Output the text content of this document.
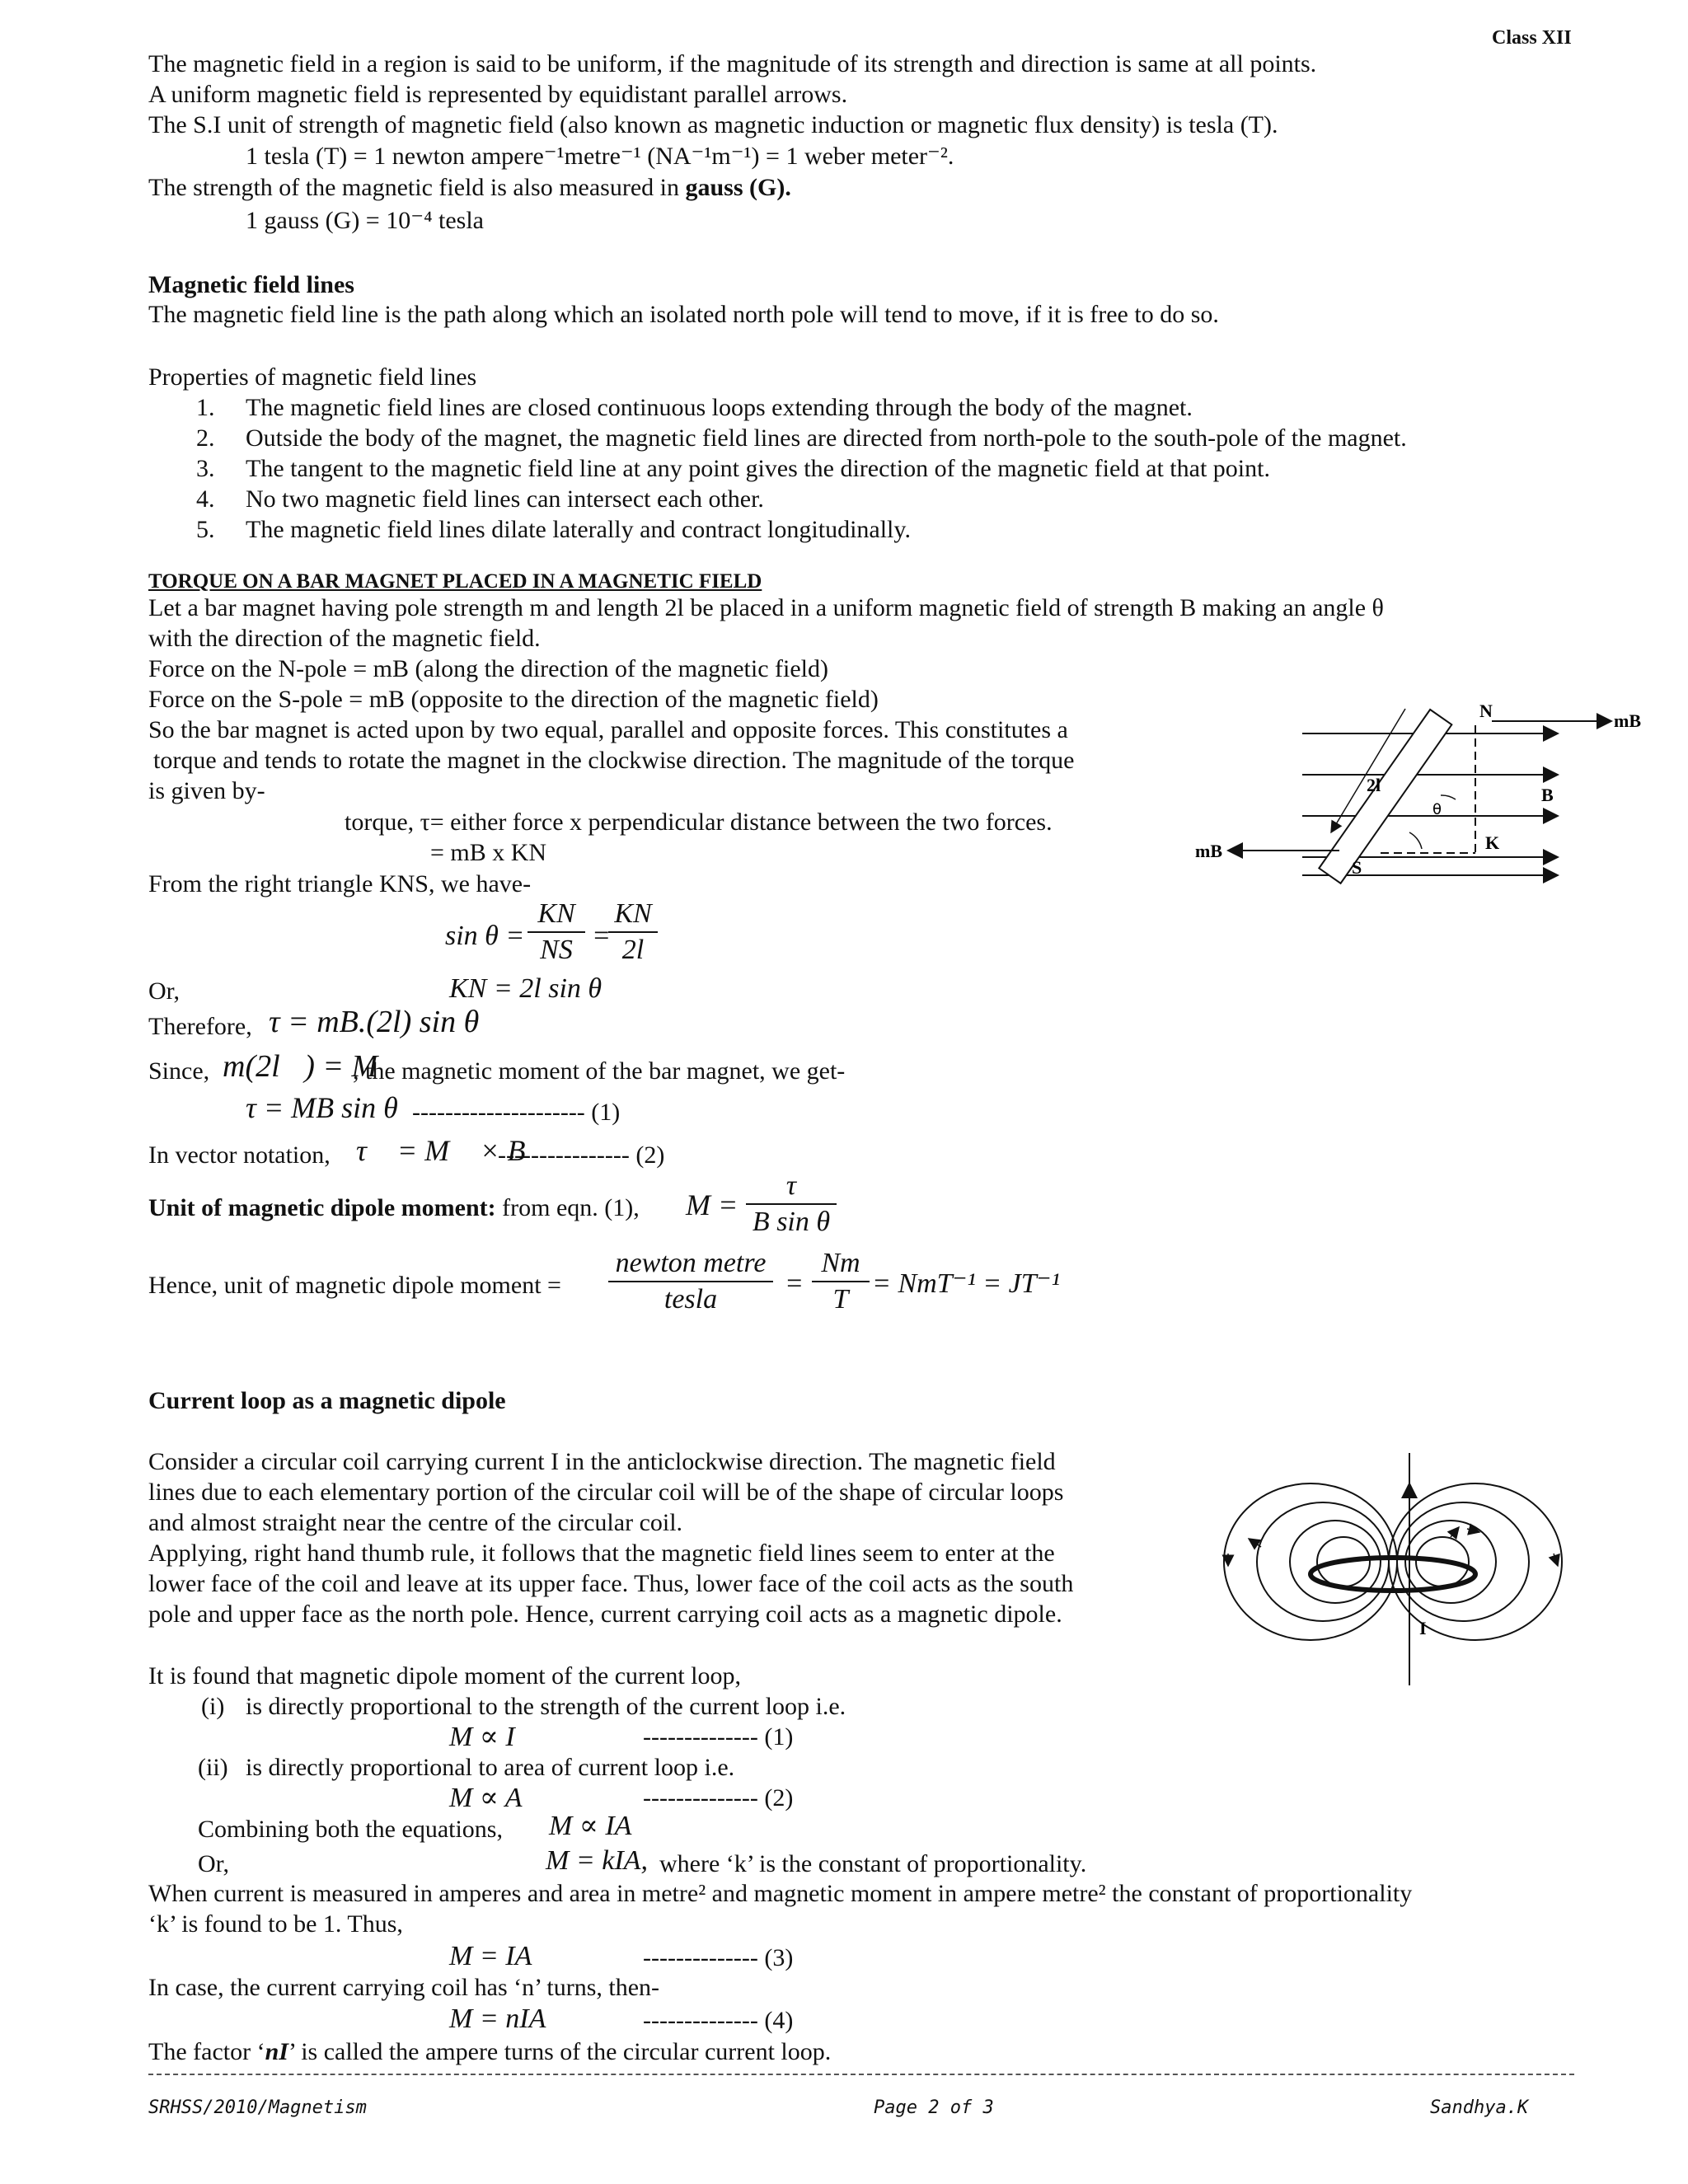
Class XII
The magnetic field in a region is said to be uniform, if the magnitude of its strength and direction is same at all points.
A uniform magnetic field is represented by equidistant parallel arrows.
The S.I unit of strength of magnetic field (also known as magnetic induction or magnetic flux density) is tesla (T).
1 tesla (T) = 1 newton ampere⁻¹metre⁻¹ (NA⁻¹m⁻¹) = 1 weber meter⁻².
The strength of the magnetic field is also measured in gauss (G).
1 gauss (G) = 10⁻⁴ tesla
Magnetic field lines
The magnetic field line is the path along which an isolated north pole will tend to move, if it is free to do so.
Properties of magnetic field lines
1. The magnetic field lines are closed continuous loops extending through the body of the magnet.
2. Outside the body of the magnet, the magnetic field lines are directed from north-pole to the south-pole of the magnet.
3. The tangent to the magnetic field line at any point gives the direction of the magnetic field at that point.
4. No two magnetic field lines can intersect each other.
5. The magnetic field lines dilate laterally and contract longitudinally.
TORQUE ON A BAR MAGNET PLACED IN A MAGNETIC FIELD
Let a bar magnet having pole strength m and length 2l be placed in a uniform magnetic field of strength B making an angle θ
with the direction of the magnetic field.
Force on the N-pole = mB (along the direction of the magnetic field)
Force on the S-pole = mB (opposite to the direction of the magnetic field)
So the bar magnet is acted upon by two equal, parallel and opposite forces. This constitutes a
torque and tends to rotate the magnet in the clockwise direction. The magnitude of the torque
is given by-
torque, τ= either force x perpendicular distance between the two forces.
= mB x KN
From the right triangle KNS, we have-
sin θ =
KN
NS =
KN
2l
Or,	KN = 2l sin θ
Therefore, τ = mB.(2l) sin θ
Since, m(2l⃗) = M⃗
, the magnetic moment of the bar magnet, we get-
τ = MB sin θ --------------------- (1)
In vector notation, τ⃗ = M⃗ × B⃗
---------------- (2)
Unit of magnetic dipole moment: from eqn. (1), M =
τ
B sin θ
Hence, unit of magnetic dipole moment =
newton metre
tesla
=
Nm
T
= NmT⁻¹ = JT⁻¹
N
S
K
B
2l
θ
mB
mB
Current loop as a magnetic dipole
Consider a circular coil carrying current I in the anticlockwise direction. The magnetic field
lines due to each elementary portion of the circular coil will be of the shape of circular loops
and almost straight near the centre of the circular coil.
Applying, right hand thumb rule, it follows that the magnetic field lines seem to enter at the
lower face of the coil and leave at its upper face. Thus, lower face of the coil acts as the south
pole and upper face as the north pole. Hence, current carrying coil acts as a magnetic dipole.
It is found that magnetic dipole moment of the current loop,
(i) is directly proportional to the strength of the current loop i.e.
M ∝ I	-------------- (1)
(ii) is directly proportional to area of current loop i.e.
M ∝ A	-------------- (2)
Combining both the equations, M ∝ IA
Or,	M = kIA, where ‘k’ is the constant of proportionality.
When current is measured in amperes and area in metre² and magnetic moment in ampere metre² the constant of proportionality
‘k’ is found to be 1. Thus,
M = IA	-------------- (3)
In case, the current carrying coil has ‘n’ turns, then-
M = nIA	-------------- (4)
The factor ‘nI’ is called the ampere turns of the circular current loop.
I
SRHSS/2010/Magnetism	Page 2 of 3	Sandhya.K
